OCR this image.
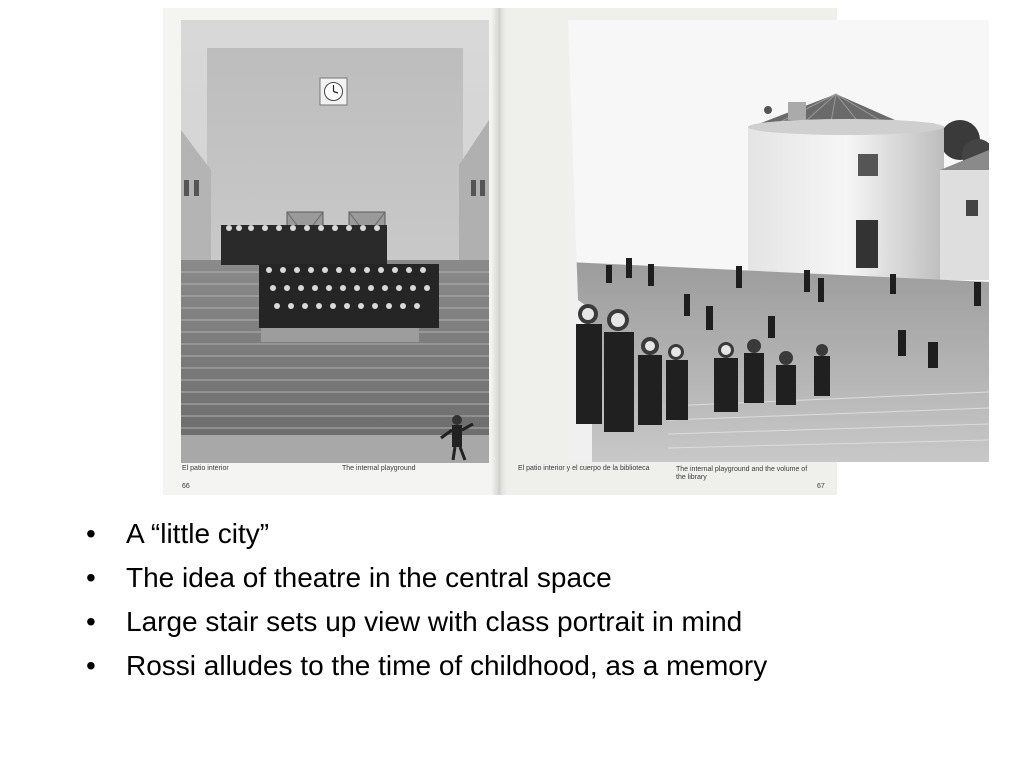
El patio interior	The internal playground
66
El patio interior y el cuerpo de la biblioteca	The internal playground and the volume of
the library
67
•	A “little city”
•	The idea of theatre in the central space
•	Large stair sets up view with class portrait in mind
•	Rossi alludes to the time of childhood, as a memory
